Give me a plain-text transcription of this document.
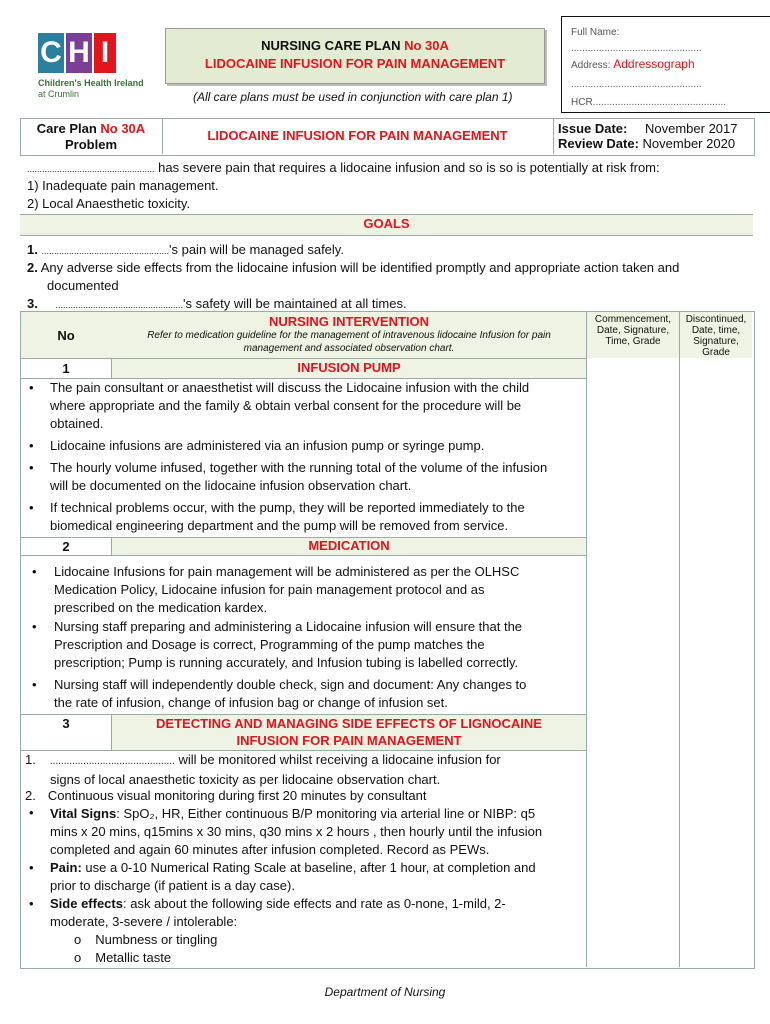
C H I
Children's Health Ireland
at Crumlin
NURSING CARE PLAN No 30A
LIDOCAINE INFUSION FOR PAIN MANAGEMENT
(All care plans must be used in conjunction with care plan 1)
Full Name:
...............................................
Address: Addressograph
...............................................
HCR................................................
Care Plan No 30A
Problem
LIDOCAINE INFUSION FOR PAIN MANAGEMENT	Issue Date: November 2017
Review Date: November 2020
................................................... has severe pain that requires a lidocaine infusion and so is so is potentially at risk from:
1) Inadequate pain management.
2) Local Anaesthetic toxicity.
GOALS
1. ...................................................'s pain will be managed safely.
2. Any adverse side effects from the lidocaine infusion will be identified promptly and appropriate action taken and
documented
3. ...................................................'s safety will be maintained at all times.
No
NURSING INTERVENTION
Refer to medication guideline for the management of intravenous lidocaine Infusion for pain
management and associated observation chart.
Commencement,
Date, Signature,
Time, Grade
Discontinued,
Date, time,
Signature,
Grade
1	INFUSION PUMP
• The pain consultant or anaesthetist will discuss the Lidocaine infusion with the child
where appropriate and the family & obtain verbal consent for the procedure will be
obtained.
• Lidocaine infusions are administered via an infusion pump or syringe pump.
• The hourly volume infused, together with the running total of the volume of the infusion
will be documented on the lidocaine infusion observation chart.
• If technical problems occur, with the pump, they will be reported immediately to the
biomedical engineering department and the pump will be removed from service.
2	MEDICATION
• Lidocaine Infusions for pain management will be administered as per the OLHSC
Medication Policy, Lidocaine infusion for pain management protocol and as
prescribed on the medication kardex.
• Nursing staff preparing and administering a Lidocaine infusion will ensure that the
Prescription and Dosage is correct, Programming of the pump matches the
prescription; Pump is running accurately, and Infusion tubing is labelled correctly.
• Nursing staff will independently double check, sign and document: Any changes to
the rate of infusion, change of infusion bag or change of infusion set.
3	DETECTING AND MANAGING SIDE EFFECTS OF LIGNOCAINE
INFUSION FOR PAIN MANAGEMENT
1. ............................................. will be monitored whilst receiving a lidocaine infusion for
signs of local anaesthetic toxicity as per lidocaine observation chart.
2. Continuous visual monitoring during first 20 minutes by consultant
• Vital Signs: SpO₂, HR, Either continuous B/P monitoring via arterial line or NIBP: q5
mins x 20 mins, q15mins x 30 mins, q30 mins x 2 hours , then hourly until the infusion
completed and again 60 minutes after infusion completed. Record as PEWs.
• Pain: use a 0-10 Numerical Rating Scale at baseline, after 1 hour, at completion and
prior to discharge (if patient is a day case).
• Side effects: ask about the following side effects and rate as 0-none, 1-mild, 2-
moderate, 3-severe / intolerable:
o Numbness or tingling
o Metallic taste
Department of Nursing
